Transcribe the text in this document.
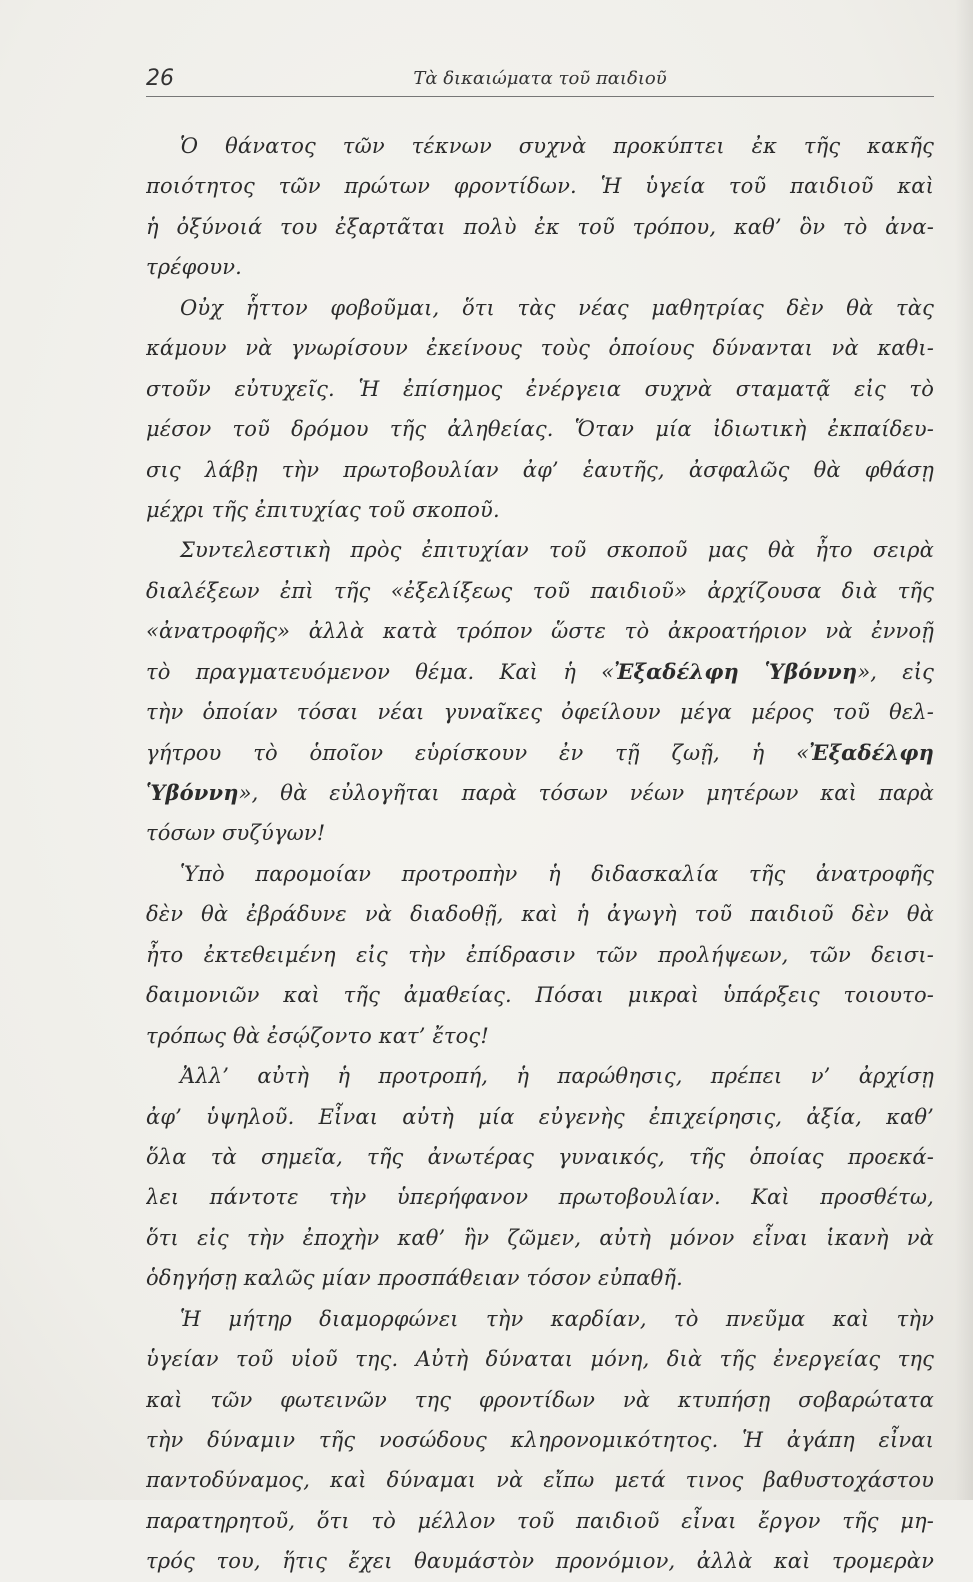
26	Τὰ δικαιώματα τοῦ παιδιοῦ
Ὁ θάνατος τῶν τέκνων συχνὰ προκύπτει ἐκ τῆς κακῆς
ποιότητος τῶν πρώτων φροντίδων. Ἡ ὑγεία τοῦ παιδιοῦ καὶ
ἡ ὀξύνοιά του ἐξαρτᾶται πολὺ ἐκ τοῦ τρόπου, καθ’ ὃν τὸ ἀνα-
τρέφουν.
Οὐχ ἧττον φοβοῦμαι, ὅτι τὰς νέας μαθητρίας δὲν θὰ τὰς
κάμουν νὰ γνωρίσουν ἐκείνους τοὺς ὁποίους δύνανται νὰ καθι-
στοῦν εὐτυχεῖς. Ἡ ἐπίσημος ἐνέργεια συχνὰ σταματᾷ εἰς τὸ
μέσον τοῦ δρόμου τῆς ἀληθείας. Ὅταν μία ἰδιωτικὴ ἐκπαίδευ-
σις λάβῃ τὴν πρωτοβουλίαν ἀφ’ ἑαυτῆς, ἀσφαλῶς θὰ φθάσῃ
μέχρι τῆς ἐπιτυχίας τοῦ σκοποῦ.
Συντελεστικὴ πρὸς ἐπιτυχίαν τοῦ σκοποῦ μας θὰ ἦτο σειρὰ
διαλέξεων ἐπὶ τῆς «ἐξελίξεως τοῦ παιδιοῦ» ἀρχίζουσα διὰ τῆς
«ἀνατροφῆς» ἀλλὰ κατὰ τρόπον ὥστε τὸ ἀκροατήριον νὰ ἐννοῇ
τὸ πραγματευόμενον θέμα. Καὶ ἡ «Ἐξαδέλφη Ὑβόννη», εἰς
τὴν ὁποίαν τόσαι νέαι γυναῖκες ὀφείλουν μέγα μέρος τοῦ θελ-
γήτρου τὸ ὁποῖον εὑρίσκουν ἐν τῇ ζωῇ, ἡ «Ἐξαδέλφη
Ὑβόννη», θὰ εὐλογῆται παρὰ τόσων νέων μητέρων καὶ παρὰ
τόσων συζύγων!
Ὑπὸ παρομοίαν προτροπὴν ἡ διδασκαλία τῆς ἀνατροφῆς
δὲν θὰ ἐβράδυνε νὰ διαδοθῇ, καὶ ἡ ἀγωγὴ τοῦ παιδιοῦ δὲν θὰ
ἦτο ἐκτεθειμένη εἰς τὴν ἐπίδρασιν τῶν προλήψεων, τῶν δεισι-
δαιμονιῶν καὶ τῆς ἀμαθείας. Πόσαι μικραὶ ὑπάρξεις τοιουτο-
τρόπως θὰ ἐσῴζοντο κατ’ ἔτος!
Ἀλλ’ αὐτὴ ἡ προτροπή, ἡ παρώθησις, πρέπει ν’ ἀρχίσῃ
ἀφ’ ὑψηλοῦ. Εἶναι αὐτὴ μία εὐγενὴς ἐπιχείρησις, ἀξία, καθ’
ὅλα τὰ σημεῖα, τῆς ἀνωτέρας γυναικός, τῆς ὁποίας προεκά-
λει πάντοτε τὴν ὑπερήφανον πρωτοβουλίαν. Καὶ προσθέτω,
ὅτι εἰς τὴν ἐποχὴν καθ’ ἣν ζῶμεν, αὐτὴ μόνον εἶναι ἱκανὴ νὰ
ὁδηγήσῃ καλῶς μίαν προσπάθειαν τόσον εὐπαθῆ.
Ἡ μήτηρ διαμορφώνει τὴν καρδίαν, τὸ πνεῦμα καὶ τὴν
ὑγείαν τοῦ υἱοῦ της. Αὐτὴ δύναται μόνη, διὰ τῆς ἐνεργείας της
καὶ τῶν φωτεινῶν της φροντίδων νὰ κτυπήσῃ σοβαρώτατα
τὴν δύναμιν τῆς νοσώδους κληρονομικότητος. Ἡ ἀγάπη εἶναι
παντοδύναμος, καὶ δύναμαι νὰ εἴπω μετά τινος βαθυστοχάστου
παρατηρητοῦ, ὅτι τὸ μέλλον τοῦ παιδιοῦ εἶναι ἔργον τῆς μη-
τρός του, ἥτις ἔχει θαυμάστὸν προνόμιον, ἀλλὰ καὶ τρομερὰν
